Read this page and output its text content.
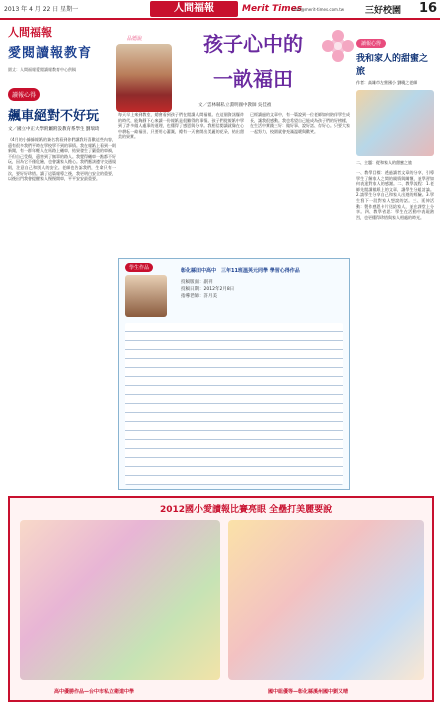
2013 年 4 月 22 日 星期一	人間福報	Merit Times
staff@merit-times.com.tw 三好校園 16
人間福報
愛閱讀報教育
園丈：人間福報愛閱讀報教育中心供稿
讀報心得
飆車絕對不好玩
文／國立中正大學附屬附設教育系學生 劉瑞琦
《4月的小綠綠報紙的簽名我看到你們讓我好喜歡這些內容，還有很多我們平時在學校學不到的事情。我在報紙上看到一則新聞，有一群年輕人在馬路上飆車，結果發生了嚴重的車禍，不但自己受傷，還害到了無辜的路人。我覺得飆車一點都不好玩，因為它不僅危險，也會讓家人擔心。我們應該遵守交通規則，注意自己和別人的安全。老師也告訴我們，生命只有一次，要好好珍惜。讀了這篇報導之後，我更明白安全的重要，以後出門我會提醒家人慢慢開車，平平安安最重要。
品德說	孩子心中的
一畝福田
文／雲林縣私立淵明國中教師 吳佳禎
每天早上來到教室，總會看到孩子們在閱讀人間福報。在這個資訊爆炸的時代，能夠靜下心來讀一份報紙是很難得的事情。孩子們從報紙中學到了許多做人處事的道理，也懂得了感恩與分享。我相信閱讀就像在心中耕耘一畝福田，只要用心灌溉，總有一天會開出美麗的花朵，結出甜美的果實。
已經讀過的文章中，有一篇說到一位老師如何陪伴學生成長，讓我很感動。我也希望自己能成為孩子們的好榜樣，在生活中實踐三好：做好事、說好話、存好心。只要大家一起努力，校園就會充滿溫暖與歡笑。
學生作品	彰化縣田中高中　三年11班溫英元同學 學習心得作品
投稿版面：副刊
投稿日期：2012年2月8日
指導老師：許月美
讀報心得
我和家人的甜蜜之旅
作者：高雄市左營國小 劉曉之老師
二、主題：從和家人的甜蜜之旅
一、教學目標：透過讀者文章的分享，引導學生了解家人之間的親情與關懷，並學習如何表達對家人的感謝。二、教學流程：1.老師先閱讀報紙上的文章，讓學生分組討論。2.請學生分享自己和家人出遊的經驗。3.學生寫下一段對家人想說的話。三、延伸活動：製作感恩卡片送給家人，並在課堂上分享。四、教學省思：學生在活動中表現熱烈，也更懂得珍惜與家人相處的時光。
2012國小愛讀報比賽亮眼 全壘打美麗要說
高中優勝作品—台中市私立衛道中學	國中組優等—彰化縣溪州國中劉又晴
